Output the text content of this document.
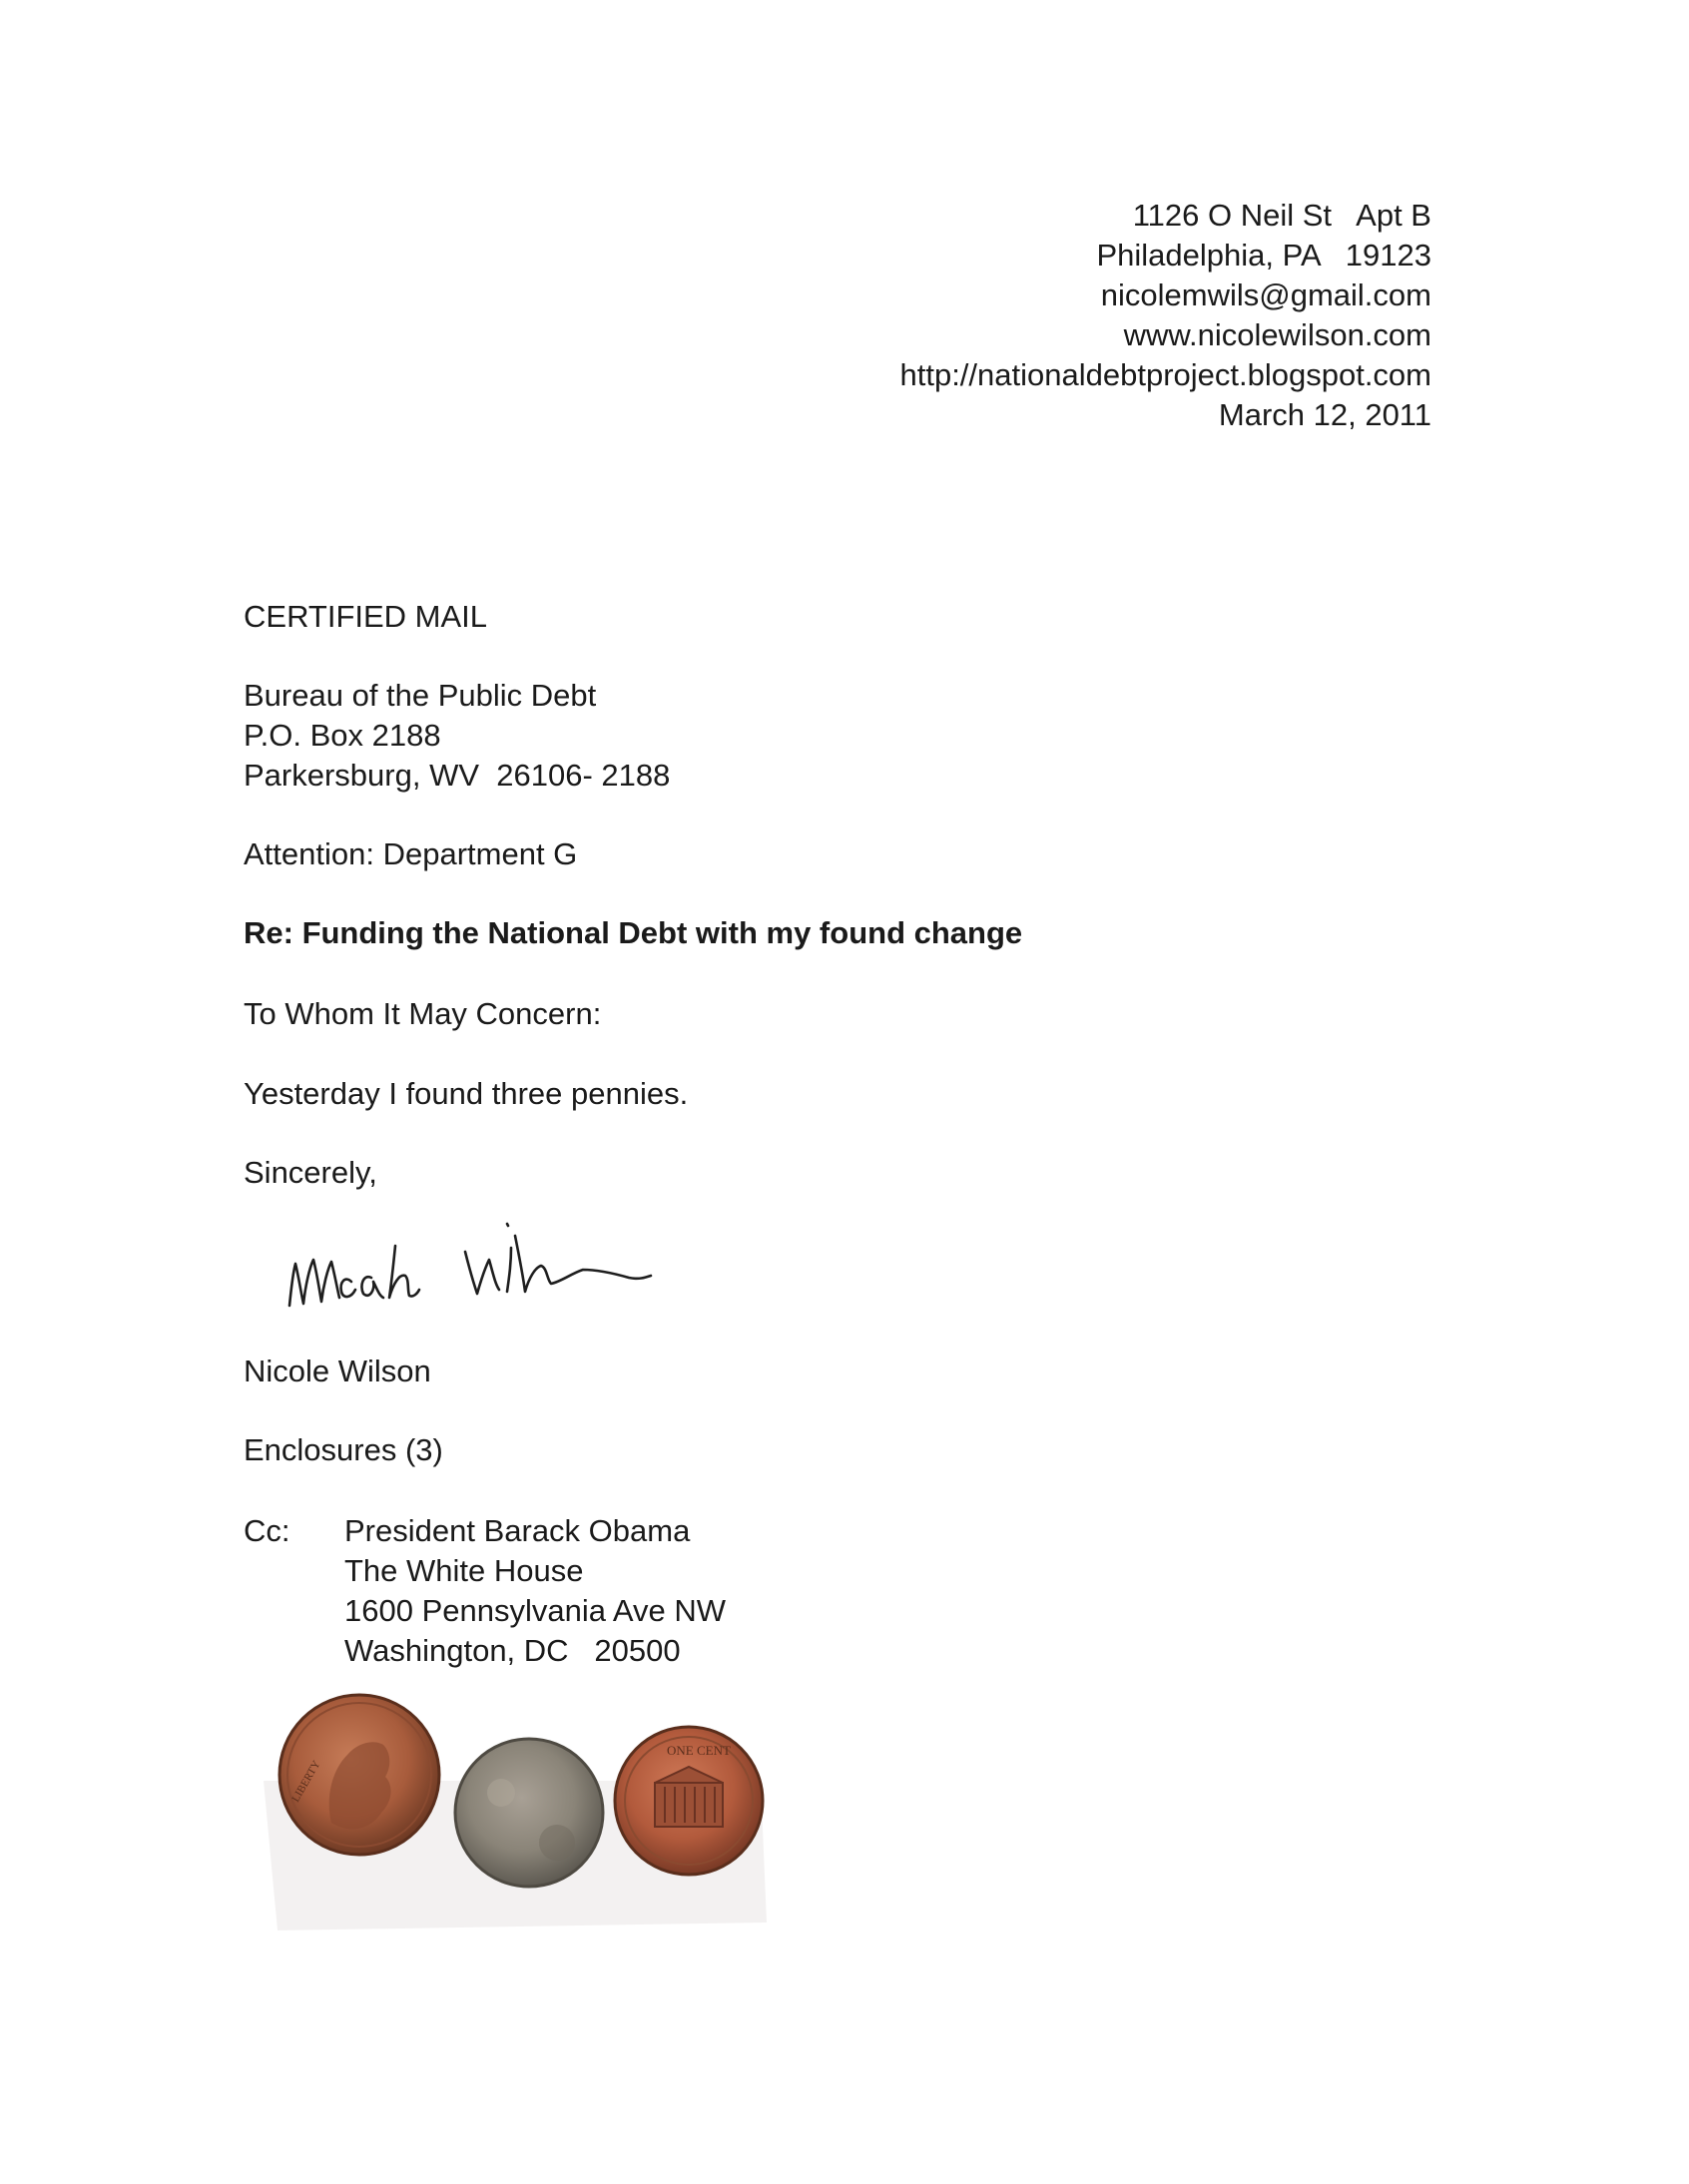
1126 O Neil St   Apt B
Philadelphia, PA   19123
nicolemwils@gmail.com
www.nicolewilson.com
http://nationaldebtproject.blogspot.com
March 12, 2011
CERTIFIED MAIL
Bureau of the Public Debt
P.O. Box 2188
Parkersburg, WV  26106- 2188
Attention: Department G
Re: Funding the National Debt with my found change
To Whom It May Concern:
Yesterday I found three pennies.
Sincerely,
Nicole Wilson
Enclosures (3)
Cc: President Barack Obama
The White House
1600 Pennsylvania Ave NW
Washington, DC   20500
LIBERTY
ONE CENT
